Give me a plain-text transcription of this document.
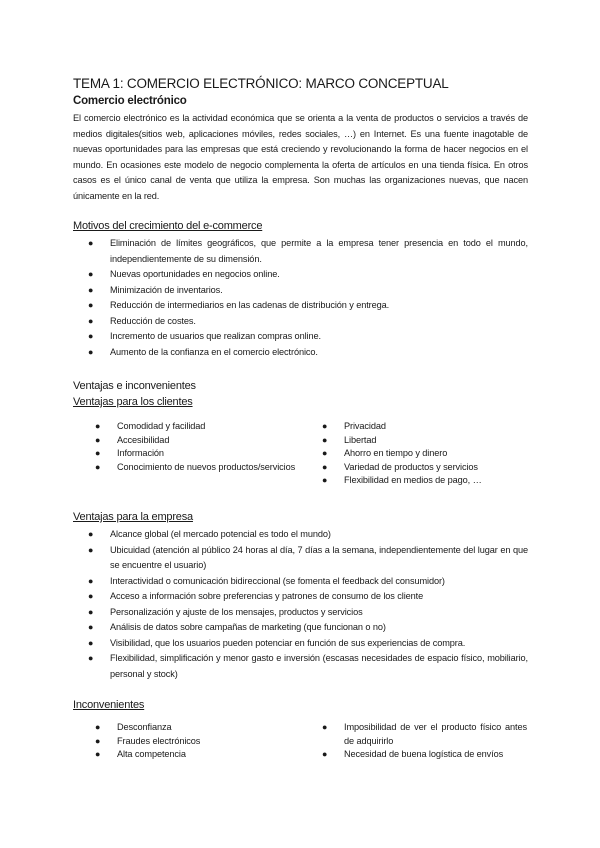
TEMA 1: COMERCIO ELECTRÓNICO: MARCO CONCEPTUAL
Comercio electrónico

El comercio electrónico es la actividad económica que se orienta a la venta de productos o servicios a través de medios digitales(sitios web, aplicaciones móviles, redes sociales, …) en Internet. Es una fuente inagotable de nuevas oportunidades para las empresas que está creciendo y revolucionando la forma de hacer negocios en el mundo. En ocasiones este modelo de negocio complementa la oferta de artículos en una tienda física. En otros casos es el único canal de venta que utiliza la empresa. Son muchas las organizaciones nuevas, que nacen únicamente en la red.

Motivos del crecimiento del e-commerce
● Eliminación de límites geográficos, que permite a la empresa tener presencia en todo el mundo, independientemente de su dimensión.
● Nuevas oportunidades en negocios online.
● Minimización de inventarios.
● Reducción de intermediarios en las cadenas de distribución y entrega.
● Reducción de costes.
● Incremento de usuarios que realizan compras online.
● Aumento de la confianza en el comercio electrónico.
Ventajas e inconvenientes
Ventajas para los clientes
● Comodidad y facilidad
● Accesibilidad
● Información
● Conocimiento de nuevos productos/servicios
● Privacidad
● Libertad
● Ahorro en tiempo y dinero
● Variedad de productos y servicios
● Flexibilidad en medios de pago, …
Ventajas para la empresa
● Alcance global (el mercado potencial es todo el mundo)
● Ubicuidad (atención al público 24 horas al día, 7 días a la semana, independientemente del lugar en que se encuentre el usuario)
● Interactividad o comunicación bidireccional (se fomenta el feedback del consumidor)
● Acceso a información sobre preferencias y patrones de consumo de los cliente
● Personalización y ajuste de los mensajes, productos y servicios
● Análisis de datos sobre campañas de marketing (que funcionan o no)
● Visibilidad, que los usuarios pueden potenciar en función de sus experiencias de compra.
● Flexibilidad, simplificación y menor gasto e inversión (escasas necesidades de espacio físico, mobiliario, personal y stock)
Inconvenientes
● Desconfianza
● Fraudes electrónicos
● Alta competencia
● Imposibilidad de ver el producto físico antes de adquirirlo
● Necesidad de buena logística de envíos
